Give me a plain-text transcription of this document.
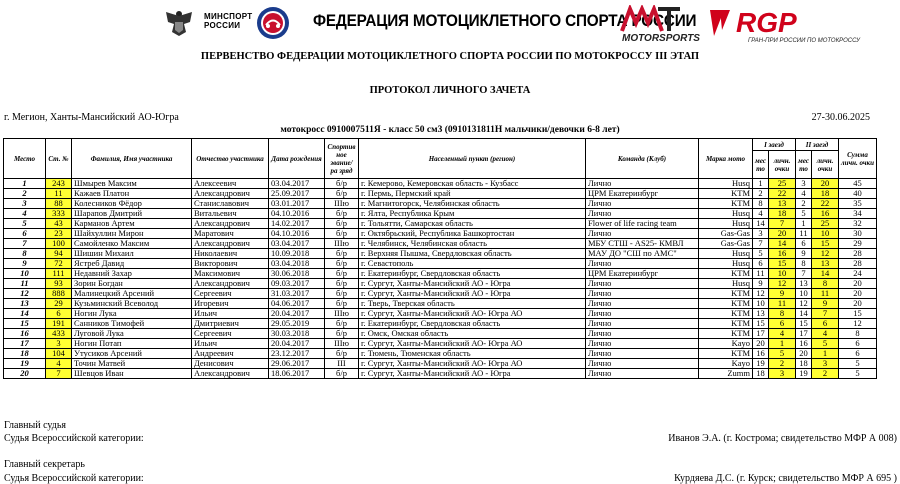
МИНСПОРТ
РОССИИ	ФЕДЕРАЦИЯ МОТОЦИКЛЕТНОГО СПОРТА РОССИИ
MOTORSPORTS
RGP
ГРАН-ПРИ РОССИИ ПО МОТОКРОССУ
ПЕРВЕНСТВО ФЕДЕРАЦИИ МОТОЦИКЛЕТНОГО СПОРТА РОССИИ ПО МОТОКРОССУ III ЭТАП
ПРОТОКОЛ ЛИЧНОГО ЗАЧЕТА
г. Мегион, Ханты-Мансийский АО-Югра	27-30.06.2025
мотокросс 0910007511Я - класс 50 см3 (0910131811Н мальчики/девочки 6-8 лет)
Место	Ст. №	Фамилия, Имя участника	Отчество участника	Дата рождения	Спортив ное звание/ра зряд	Населенный пункт (регион)	Команда (Клуб)	Марка мото	I заезд		II заезд		Сумма личн. очки
									мес то	личн. очки	мес то	личн. очки	
1	243	Шмырев Максим	Алексеевич	03.04.2017	б/р	г. Кемерово, Кемеровская область - Кузбасс	Лично	Husq	1	25	3	20	45
2	11	Кажаев Платон	Александрович	25.09.2017	б/р	г. Пермь, Пермский край	ЦРМ Екатеринбург	KTM	2	22	4	18	40
3	88	Колесников Фёдор	Станиславович	03.01.2017	IIIю	г. Магнитогорск, Челябинская область	Лично	KTM	8	13	2	22	35
4	333	Шарапов Дмитрий	Витальевич	04.10.2016	б/р	г. Ялта, Республика Крым	Лично	Husq	4	18	5	16	34
5	43	Карманов Артем	Александрович	14.02.2017	б/р	г. Тольятти, Самарская область	Flower of life racing team	Husq	14	7	1	25	32
6	23	Шайхуллин Мирон	Маратович	04.10.2016	б/р	г. Октябрьский, Республика Башкортостан	Лично	Gas-Gas	3	20	11	10	30
7	100	Самойленко Максим	Александрович	03.04.2017	IIIю	г. Челябинск, Челябинская область	МБУ СТШ - AS25- КМВЛ	Gas-Gas	7	14	6	15	29
8	94	Шишин Михаил	Николаевич	10.09.2018	б/р	г. Верхняя Пышма, Свердловская область	МАУ ДО "СШ по АМС"	Husq	5	16	9	12	28
9	72	Ястреб Давид	Викторович	03.04.2018	б/р	г. Севастополь	Лично	Husq	6	15	8	13	28
10	111	Недавний Захар	Максимович	30.06.2018	б/р	г. Екатеринбург, Свердловская область	ЦРМ Екатеринбург	KTM	11	10	7	14	24
11	93	Зорин Богдан	Александрович	09.03.2017	б/р	г. Сургут, Ханты-Мансийский АО - Югра	Лично	Husq	9	12	13	8	20
12	888	Малинецкий Арсений	Сергеевич	31.03.2017	б/р	г. Сургут, Ханты-Мансийский АО - Югра	Лично	KTM	12	9	10	11	20
13	29	Кузьминский Всеволод	Игоревич	04.06.2017	б/р	г. Тверь, Тверская область	Лично	KTM	10	11	12	9	20
14	6	Ногин Лука	Ильич	20.04.2017	IIIю	г. Сургут, Ханты-Мансийский АО- Югра АО	Лично	KTM	13	8	14	7	15
15	191	Санников Тимофей	Дмитриевич	29.05.2019	б/р	г. Екатеринбург, Свердловская область	Лично	KTM	15	6	15	6	12
16	433	Луговой Лука	Сергеевич	30.03.2018	б/р	г. Омск, Омская область	Лично	KTM	17	4	17	4	8
17	3	Ногин Потап	Ильич	20.04.2017	IIIю	г. Сургут, Ханты-Мансийский АО- Югра АО	Лично	Kayo	20	1	16	5	6
18	104	Утусиков Арсений	Андреевич	23.12.2017	б/р	г. Тюмень, Тюменская область	Лично	KTM	16	5	20	1	6
19	4	Точин Матвей	Денисович	29.06.2017	III	г. Сургут, Ханты-Мансийский АО- Югра АО	Лично	Kayo	19	2	18	3	5
20	7	Шевцов Иван	Александрович	18.06.2017	б/р	г. Сургут, Ханты-Мансийский АО - Югра	Лично	Zumm	18	3	19	2	5
Главный судья
Судья Всероссийской категории:	Иванов Э.А. (г. Кострома; свидетельство МФР А 008)
Главный секретарь
Судья Всероссийской категории:	Курдяева Д.С. (г. Курск; свидетельство МФР А 695 )
